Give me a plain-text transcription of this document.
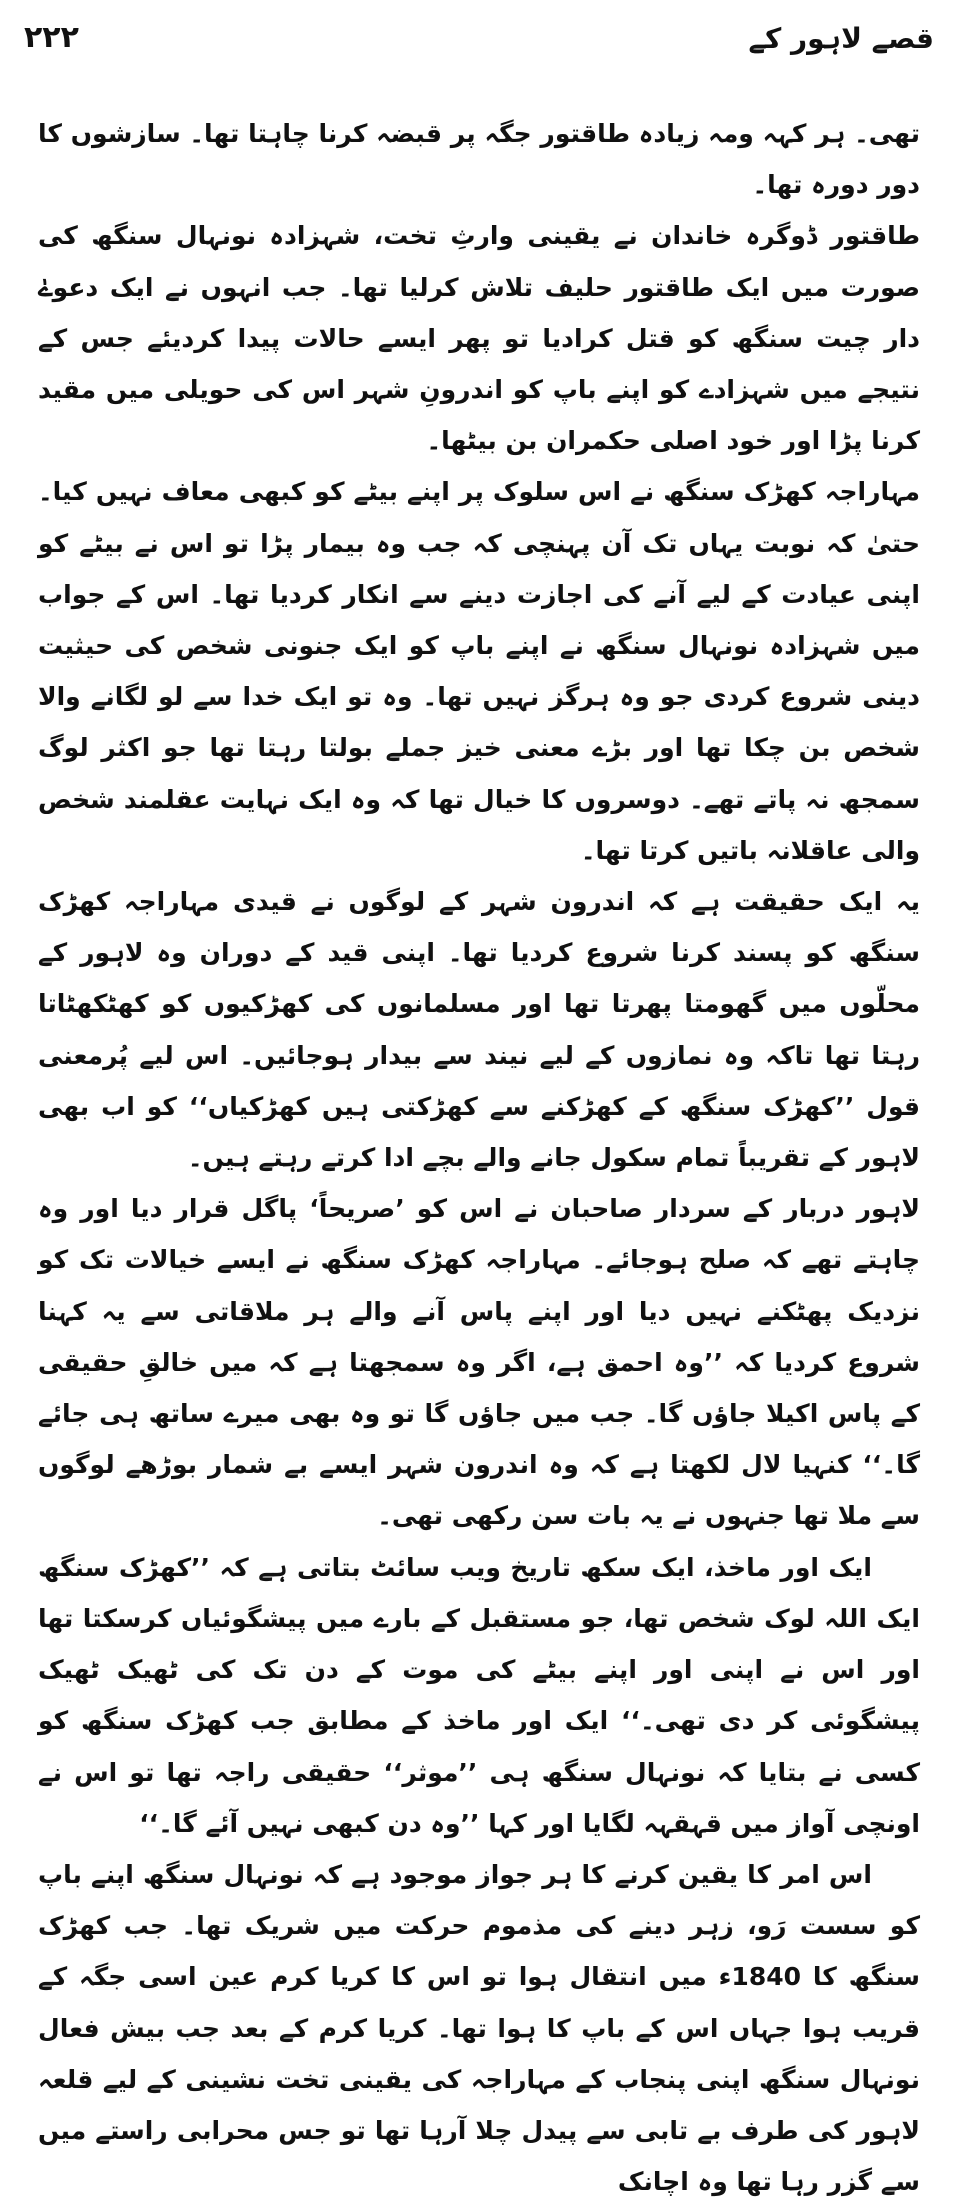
۲۲۲	قصے لاہور کے

تھی۔ ہر کہہ ومہ زیادہ طاقتور جگہ پر قبضہ کرنا چاہتا تھا۔ سازشوں کا دور دورہ تھا۔

طاقتور ڈوگرہ خاندان نے یقینی وارثِ تخت، شہزادہ نونہال سنگھ کی صورت میں ایک طاقتور حلیف تلاش کرلیا تھا۔ جب انہوں نے ایک دعوےٰ دار چیت سنگھ کو قتل کرادیا تو پھر ایسے حالات پیدا کردیئے جس کے نتیجے میں شہزادے کو اپنے باپ کو اندرونِ شہر اس کی حویلی میں مقید کرنا پڑا اور خود اصلی حکمران بن بیٹھا۔

مہاراجہ کھڑک سنگھ نے اس سلوک پر اپنے بیٹے کو کبھی معاف نہیں کیا۔ حتیٰ کہ نوبت یہاں تک آن پہنچی کہ جب وہ بیمار پڑا تو اس نے بیٹے کو اپنی عیادت کے لیے آنے کی اجازت دینے سے انکار کردیا تھا۔ اس کے جواب میں شہزادہ نونہال سنگھ نے اپنے باپ کو ایک جنونی شخص کی حیثیت دینی شروع کردی جو وہ ہرگز نہیں تھا۔ وہ تو ایک خدا سے لو لگانے والا شخص بن چکا تھا اور بڑے معنی خیز جملے بولتا رہتا تھا جو اکثر لوگ سمجھ نہ پاتے تھے۔ دوسروں کا خیال تھا کہ وہ ایک نہایت عقلمند شخص والی عاقلانہ باتیں کرتا تھا۔

یہ ایک حقیقت ہے کہ اندرون شہر کے لوگوں نے قیدی مہاراجہ کھڑک سنگھ کو پسند کرنا شروع کردیا تھا۔ اپنی قید کے دوران وہ لاہور کے محلّوں میں گھومتا پھرتا تھا اور مسلمانوں کی کھڑکیوں کو کھٹکھٹاتا رہتا تھا تاکہ وہ نمازوں کے لیے نیند سے بیدار ہوجائیں۔ اس لیے پُرمعنی قول ’’کھڑک سنگھ کے کھڑکنے سے کھڑکتی ہیں کھڑکیاں‘‘ کو اب بھی لاہور کے تقریباً تمام سکول جانے والے بچے ادا کرتے رہتے ہیں۔

لاہور دربار کے سردار صاحبان نے اس کو ’صریحاً‘ پاگل قرار دیا اور وہ چاہتے تھے کہ صلح ہوجائے۔ مہاراجہ کھڑک سنگھ نے ایسے خیالات تک کو نزدیک پھٹکنے نہیں دیا اور اپنے پاس آنے والے ہر ملاقاتی سے یہ کہنا شروع کردیا کہ ’’وہ احمق ہے، اگر وہ سمجھتا ہے کہ میں خالقِ حقیقی کے پاس اکیلا جاؤں گا۔ جب میں جاؤں گا تو وہ بھی میرے ساتھ ہی جائے گا۔‘‘ کنہیا لال لکھتا ہے کہ وہ اندرون شہر ایسے بے شمار بوڑھے لوگوں سے ملا تھا جنہوں نے یہ بات سن رکھی تھی۔

ایک اور ماخذ، ایک سکھ تاریخ ویب سائٹ بتاتی ہے کہ ’’کھڑک سنگھ ایک اللہ لوک شخص تھا، جو مستقبل کے بارے میں پیشگوئیاں کرسکتا تھا اور اس نے اپنی اور اپنے بیٹے کی موت کے دن تک کی ٹھیک ٹھیک پیشگوئی کر دی تھی۔‘‘ ایک اور ماخذ کے مطابق جب کھڑک سنگھ کو کسی نے بتایا کہ نونہال سنگھ ہی ’’موثر‘‘ حقیقی راجہ تھا تو اس نے اونچی آواز میں قہقہہ لگایا اور کہا ’’وہ دن کبھی نہیں آئے گا۔‘‘

اس امر کا یقین کرنے کا ہر جواز موجود ہے کہ نونہال سنگھ اپنے باپ کو سست رَو، زہر دینے کی مذموم حرکت میں شریک تھا۔ جب کھڑک سنگھ کا 1840ء میں انتقال ہوا تو اس کا کریا کرم عین اسی جگہ کے قریب ہوا جہاں اس کے باپ کا ہوا تھا۔ کریا کرم کے بعد جب بیش فعال نونہال سنگھ اپنی پنجاب کے مہاراجہ کی یقینی تخت نشینی کے لیے قلعہ لاہور کی طرف بے تابی سے پیدل چلا آرہا تھا تو جس محرابی راستے میں سے گزر رہا تھا وہ اچانک
